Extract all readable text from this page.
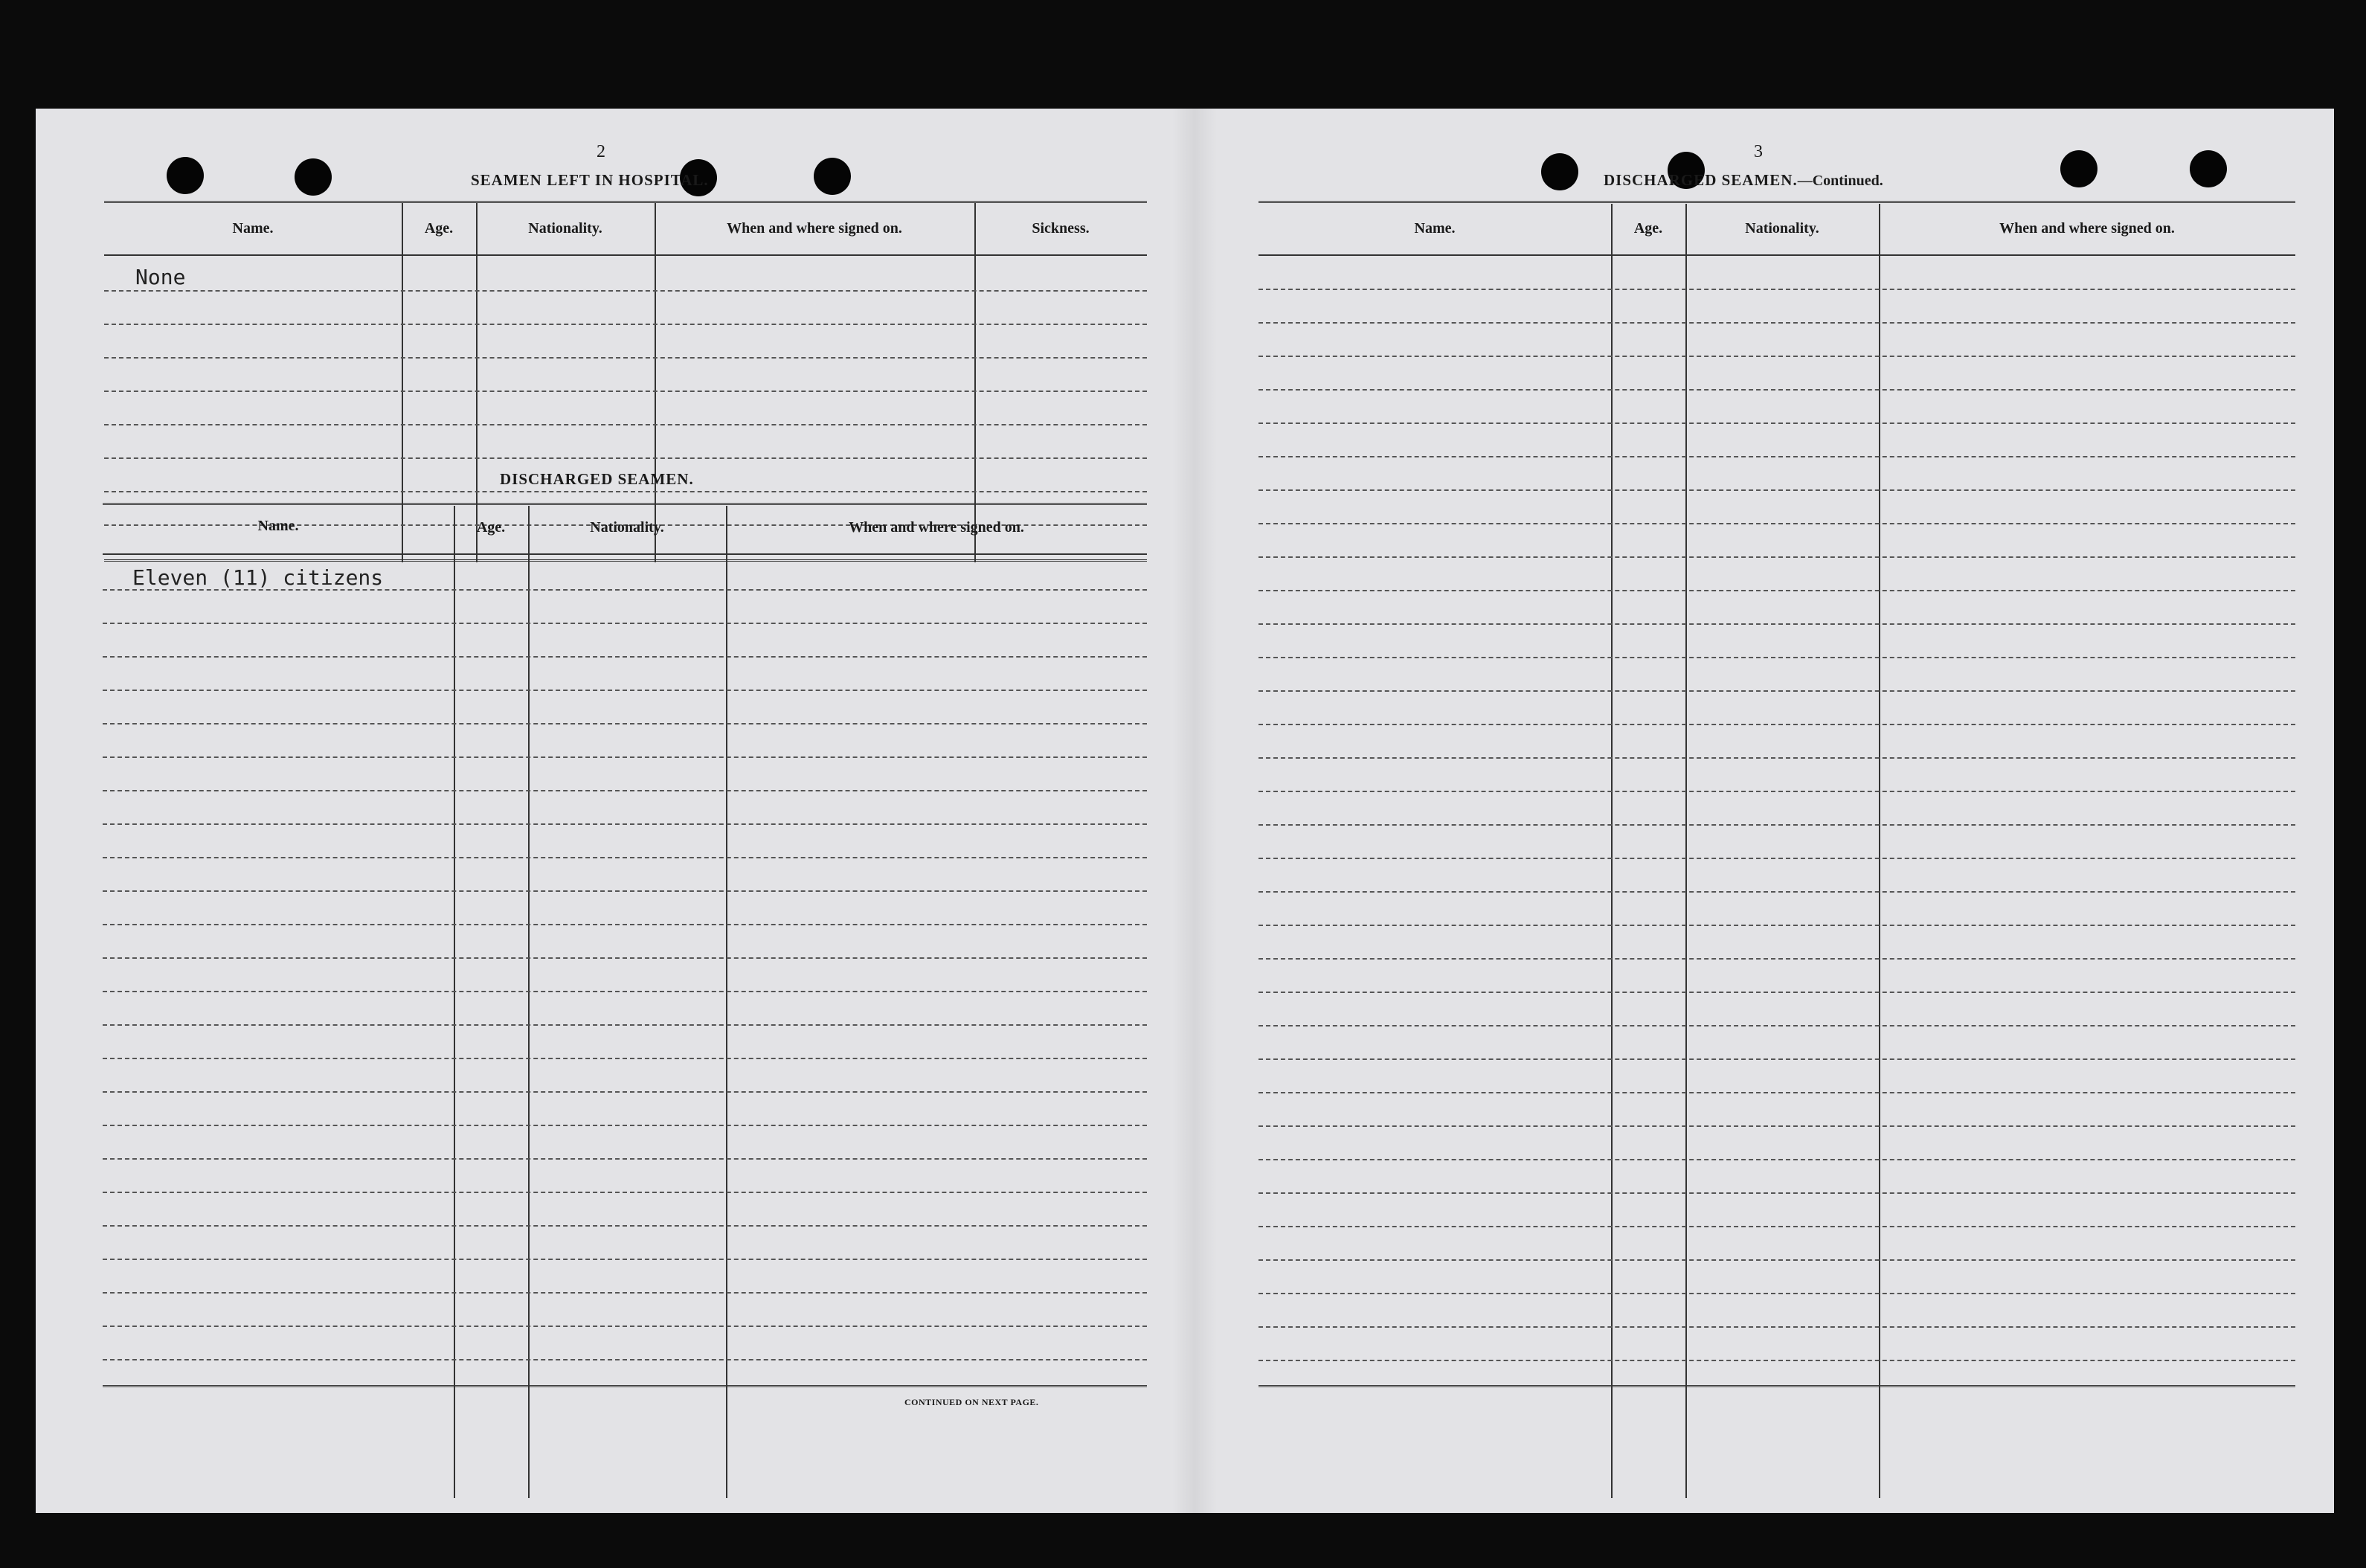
2
SEAMEN LEFT IN HOSPITAL.
Name.	Age.	Nationality.	When and where signed on.	Sickness.
None
DISCHARGED SEAMEN.
Name.	Age.	Nationality.	When and where signed on.
Eleven (11) citizens
CONTINUED ON NEXT PAGE.
3
DISCHARGED SEAMEN.—Continued.
Name.	Age.	Nationality.	When and where signed on.
